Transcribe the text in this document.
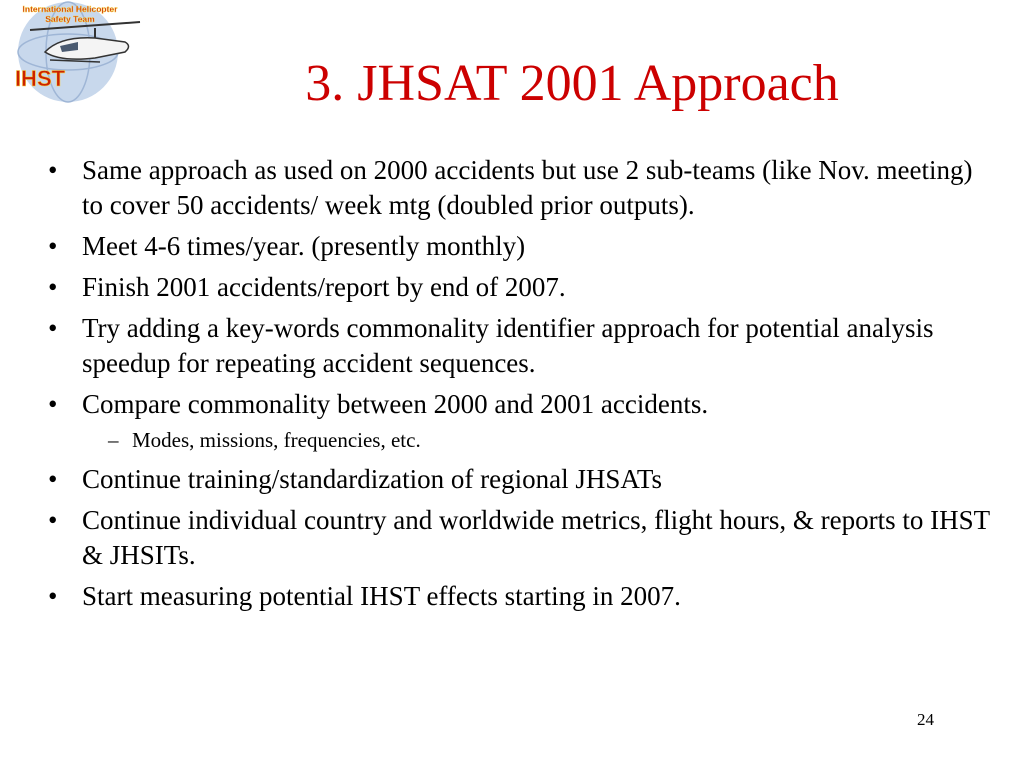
International Helicopter
Safety Team
IHST	3. JHSAT 2001 Approach
• Same approach as used on 2000 accidents but use 2 sub-teams (like Nov. meeting) to cover 50 accidents/ week mtg (doubled prior outputs).
• Meet 4-6 times/year. (presently monthly)
• Finish 2001 accidents/report by end of 2007.
• Try adding a key-words commonality identifier approach for potential analysis speedup for repeating accident sequences.
• Compare commonality between 2000 and 2001 accidents.
– Modes, missions, frequencies, etc.
• Continue training/standardization of regional JHSATs
• Continue individual country and worldwide metrics, flight hours, & reports to IHST & JHSITs.
• Start measuring potential IHST effects starting in 2007.
24
